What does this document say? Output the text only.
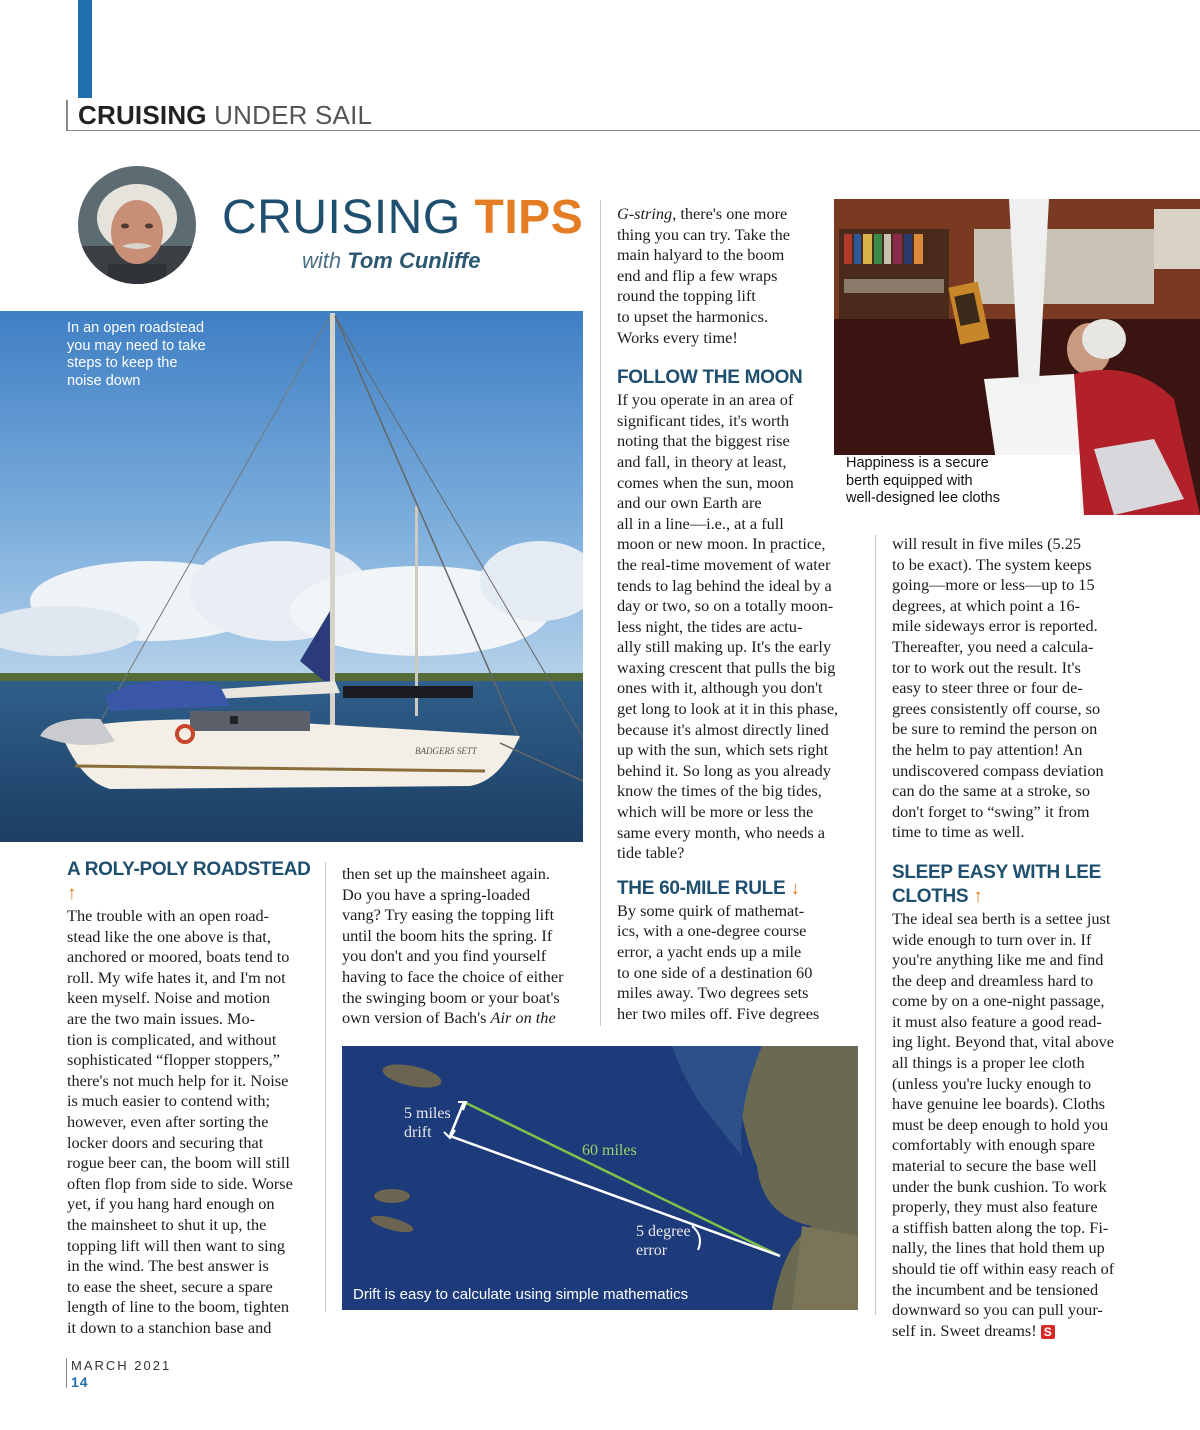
CRUISING UNDER SAIL
CRUISING TIPS
with Tom Cunliffe
BADGERS SETT
In an open roadstead
you may need to take
steps to keep the
noise down
Happiness is a secure
berth equipped with
well-designed lee cloths
5 miles
drift
60 miles
5 degree
error
Drift is easy to calculate using simple mathematics
A ROLY-POLY ROADSTEAD ↑

The trouble with an open road-
stead like the one above is that,
anchored or moored, boats tend to
roll. My wife hates it, and I'm not
keen myself. Noise and motion
are the two main issues. Mo-
tion is complicated, and without
sophisticated “flopper stoppers,”
there's not much help for it. Noise
is much easier to contend with;
however, even after sorting the
locker doors and securing that
rogue beer can, the boom will still
often flop from side to side. Worse
yet, if you hang hard enough on
the mainsheet to shut it up, the
topping lift will then want to sing
in the wind. The best answer is
to ease the sheet, secure a spare
length of line to the boom, tighten
it down to a stanchion base and

then set up the mainsheet again.
Do you have a spring-loaded
vang? Try easing the topping lift
until the boom hits the spring. If
you don't and you find yourself
having to face the choice of either
the swinging boom or your boat's
own version of Bach's Air on the

G-string, there's one more
thing you can try. Take the
main halyard to the boom
end and flip a few wraps
round the topping lift
to upset the harmonics.
Works every time!

FOLLOW THE MOON

If you operate in an area of
significant tides, it's worth
noting that the biggest rise
and fall, in theory at least,
comes when the sun, moon
and our own Earth are
all in a line—i.e., at a full
moon or new moon. In practice,
the real-time movement of water
tends to lag behind the ideal by a
day or two, so on a totally moon-
less night, the tides are actu-
ally still making up. It's the early
waxing crescent that pulls the big
ones with it, although you don't
get long to look at it in this phase,
because it's almost directly lined
up with the sun, which sets right
behind it. So long as you already
know the times of the big tides,
which will be more or less the
same every month, who needs a
tide table?

THE 60-MILE RULE ↓

By some quirk of mathemat-
ics, with a one-degree course
error, a yacht ends up a mile
to one side of a destination 60
miles away. Two degrees sets
her two miles off. Five degrees

will result in five miles (5.25
to be exact). The system keeps
going—more or less—up to 15
degrees, at which point a 16-
mile sideways error is reported.
Thereafter, you need a calcula-
tor to work out the result. It's
easy to steer three or four de-
grees consistently off course, so
be sure to remind the person on
the helm to pay attention! An
undiscovered compass deviation
can do the same at a stroke, so
don't forget to “swing” it from
time to time as well.

SLEEP EASY WITH LEE CLOTHS ↑

The ideal sea berth is a settee just
wide enough to turn over in. If
you're anything like me and find
the deep and dreamless hard to
come by on a one-night passage,
it must also feature a good read-
ing light. Beyond that, vital above
all things is a proper lee cloth
(unless you're lucky enough to
have genuine lee boards). Cloths
must be deep enough to hold you
comfortably with enough spare
material to secure the base well
under the bunk cushion. To work
properly, they must also feature
a stiffish batten along the top. Fi-
nally, the lines that hold them up
should tie off within easy reach of
the incumbent and be tensioned
downward so you can pull your-
self in. Sweet dreams! S

MARCH 2021
14
